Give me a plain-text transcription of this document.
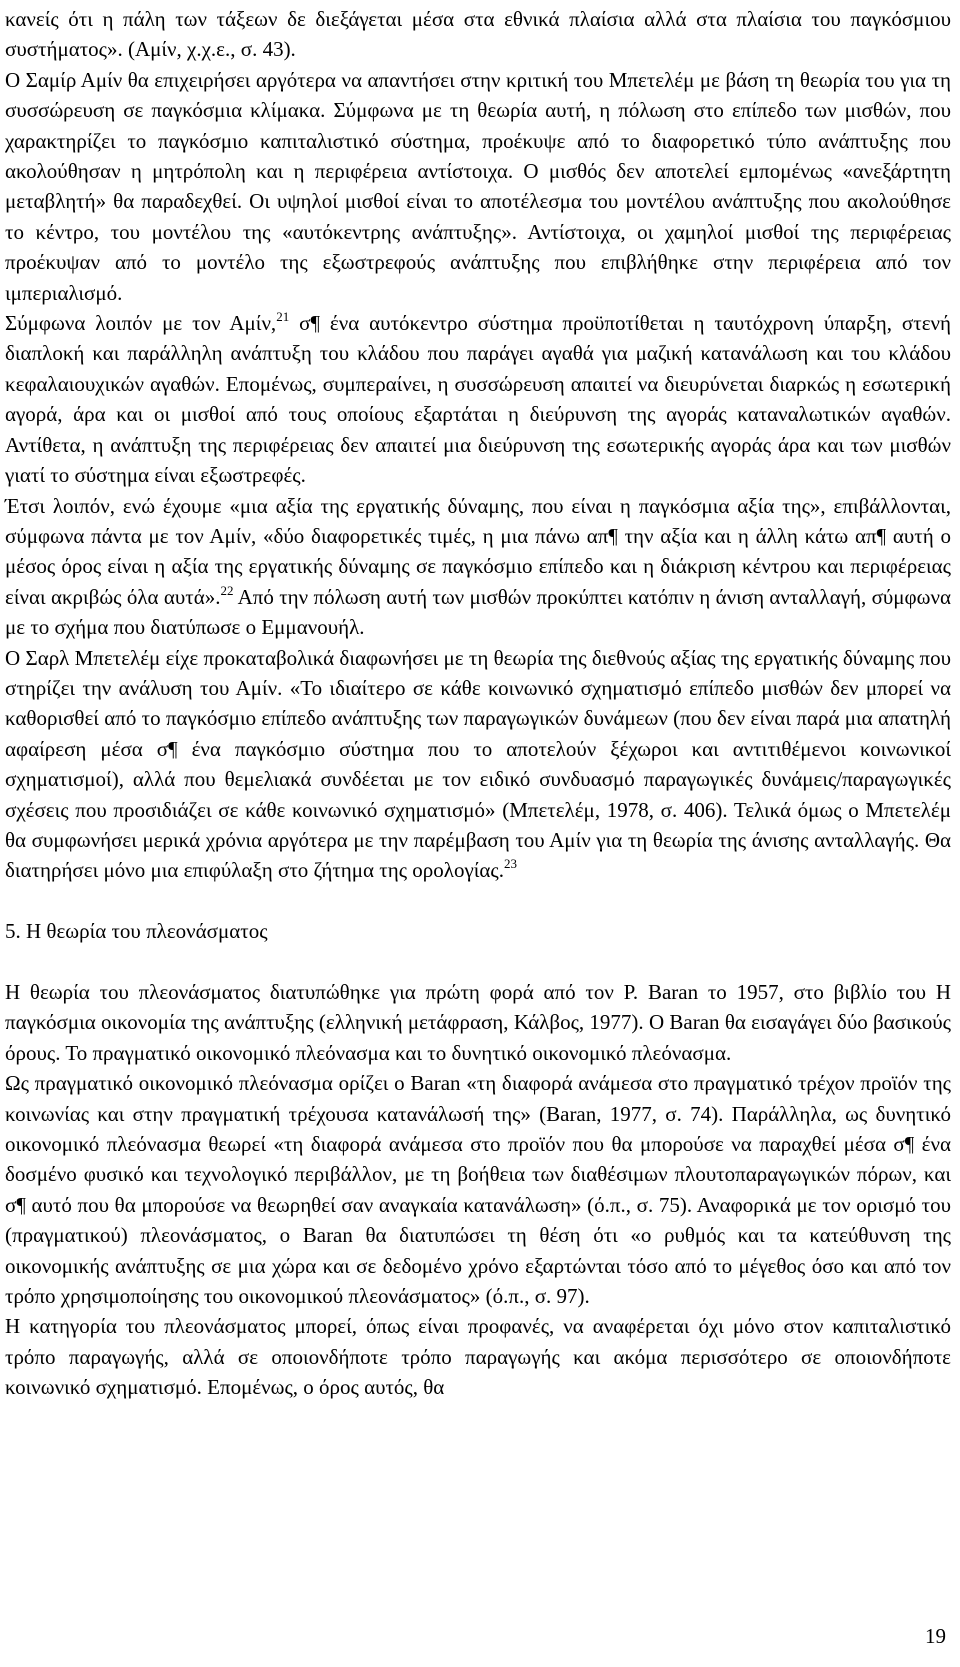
κανείς ότι η πάλη των τάξεων δε διεξάγεται μέσα στα εθνικά πλαίσια αλλά στα πλαίσια του παγκόσμιου συστήματος». (Αμίν, χ.χ.ε., σ. 43).

Ο Σαμίρ Αμίν θα επιχειρήσει αργότερα να απαντήσει στην κριτική του Μπετελέμ με βάση τη θεωρία του για τη συσσώρευση σε παγκόσμια κλίμακα. Σύμφωνα με τη θεωρία αυτή, η πόλωση στο επίπεδο των μισθών, που χαρακτηρίζει το παγκόσμιο καπιταλιστικό σύστημα, προέκυψε από το διαφορετικό τύπο ανάπτυξης που ακολούθησαν η μητρόπολη και η περιφέρεια αντίστοιχα. Ο μισθός δεν αποτελεί εμπομένως «ανεξάρτητη μεταβλητή» θα παραδεχθεί. Οι υψηλοί μισθοί είναι το αποτέλεσμα του μοντέλου ανάπτυξης που ακολούθησε το κέντρο, του μοντέλου της «αυτόκεντρης ανάπτυξης». Αντίστοιχα, οι χαμηλοί μισθοί της περιφέρειας προέκυψαν από το μοντέλο της εξωστρεφούς ανάπτυξης που επιβλήθηκε στην περιφέρεια από τον ιμπεριαλισμό.

Σύμφωνα λοιπόν με τον Αμίν,$^{21}$ σ¶ ένα αυτόκεντρο σύστημα προϋποτίθεται η ταυτόχρονη ύπαρξη, στενή διαπλοκή και παράλληλη ανάπτυξη του κλάδου που παράγει αγαθά για μαζική κατανάλωση και του κλάδου κεφαλαιουχικών αγαθών. Επομένως, συμπεραίνει, η συσσώρευση απαιτεί να διευρύνεται διαρκώς η εσωτερική αγορά, άρα και οι μισθοί από τους οποίους εξαρτάται η διεύρυνση της αγοράς καταναλωτικών αγαθών. Αντίθετα, η ανάπτυξη της περιφέρειας δεν απαιτεί μια διεύρυνση της εσωτερικής αγοράς άρα και των μισθών γιατί το σύστημα είναι εξωστρεφές.

Έτσι λοιπόν, ενώ έχουμε «μια αξία της εργατικής δύναμης, που είναι η παγκόσμια αξία της», επιβάλλονται, σύμφωνα πάντα με τον Αμίν, «δύο διαφορετικές τιμές, η μια πάνω απ¶ την αξία και η άλλη κάτω απ¶ αυτή ο μέσος όρος είναι η αξία της εργατικής δύναμης σε παγκόσμιο επίπεδο και η διάκριση κέντρου και περιφέρειας είναι ακριβώς όλα αυτά».$^{22}$ Από την πόλωση αυτή των μισθών προκύπτει κατόπιν η άνιση ανταλλαγή, σύμφωνα με το σχήμα που διατύπωσε ο Εμμανουήλ.

Ο Σαρλ Μπετελέμ είχε προκαταβολικά διαφωνήσει με τη θεωρία της διεθνούς αξίας της εργατικής δύναμης που στηρίζει την ανάλυση του Αμίν. «Το ιδιαίτερο σε κάθε κοινωνικό σχηματισμό επίπεδο μισθών δεν μπορεί να καθορισθεί από το παγκόσμιο επίπεδο ανάπτυξης των παραγωγικών δυνάμεων (που δεν είναι παρά μια απατηλή αφαίρεση μέσα σ¶ ένα παγκόσμιο σύστημα που το αποτελούν ξέχωροι και αντιτιθέμενοι κοινωνικοί σχηματισμοί), αλλά που θεμελιακά συνδέεται με τον ειδικό συνδυασμό παραγωγικές δυνάμεις/παραγωγικές σχέσεις που προσιδιάζει σε κάθε κοινωνικό σχηματισμό» (Μπετελέμ, 1978, σ. 406). Τελικά όμως ο Μπετελέμ θα συμφωνήσει μερικά χρόνια αργότερα με την παρέμβαση του Αμίν για τη θεωρία της άνισης ανταλλαγής. Θα διατηρήσει μόνο μια επιφύλαξη στο ζήτημα της ορολογίας.$^{23}$

5. Η θεωρία του πλεονάσματος

Η θεωρία του πλεονάσματος διατυπώθηκε για πρώτη φορά από τον P. Baran το 1957, στο βιβλίο του Η παγκόσμια οικονομία της ανάπτυξης (ελληνική μετάφραση, Κάλβος, 1977). Ο Baran θα εισαγάγει δύο βασικούς όρους. Το πραγματικό οικονομικό πλεόνασμα και το δυνητικό οικονομικό πλεόνασμα.

Ως πραγματικό οικονομικό πλεόνασμα ορίζει ο Baran «τη διαφορά ανάμεσα στο πραγματικό τρέχον προϊόν της κοινωνίας και στην πραγματική τρέχουσα κατανάλωσή της» (Baran, 1977, σ. 74). Παράλληλα, ως δυνητικό οικονομικό πλεόνασμα θεωρεί «τη διαφορά ανάμεσα στο προϊόν που θα μπορούσε να παραχθεί μέσα σ¶ ένα δοσμένο φυσικό και τεχνολογικό περιβάλλον, με τη βοήθεια των διαθέσιμων πλουτοπαραγωγικών πόρων, και σ¶ αυτό που θα μπορούσε να θεωρηθεί σαν αναγκαία κατανάλωση» (ό.π., σ. 75). Αναφορικά με τον ορισμό του (πραγματικού) πλεονάσματος, ο Baran θα διατυπώσει τη θέση ότι «ο ρυθμός και τα κατεύθυνση της οικονομικής ανάπτυξης σε μια χώρα και σε δεδομένο χρόνο εξαρτώνται τόσο από το μέγεθος όσο και από τον τρόπο χρησιμοποίησης του οικονομικού πλεονάσματος» (ό.π., σ. 97).

Η κατηγορία του πλεονάσματος μπορεί, όπως είναι προφανές, να αναφέρεται όχι μόνο στον καπιταλιστικό τρόπο παραγωγής, αλλά σε οποιονδήποτε τρόπο παραγωγής και ακόμα περισσότερο σε οποιονδήποτε κοινωνικό σχηματισμό. Επομένως, ο όρος αυτός, θα

19
